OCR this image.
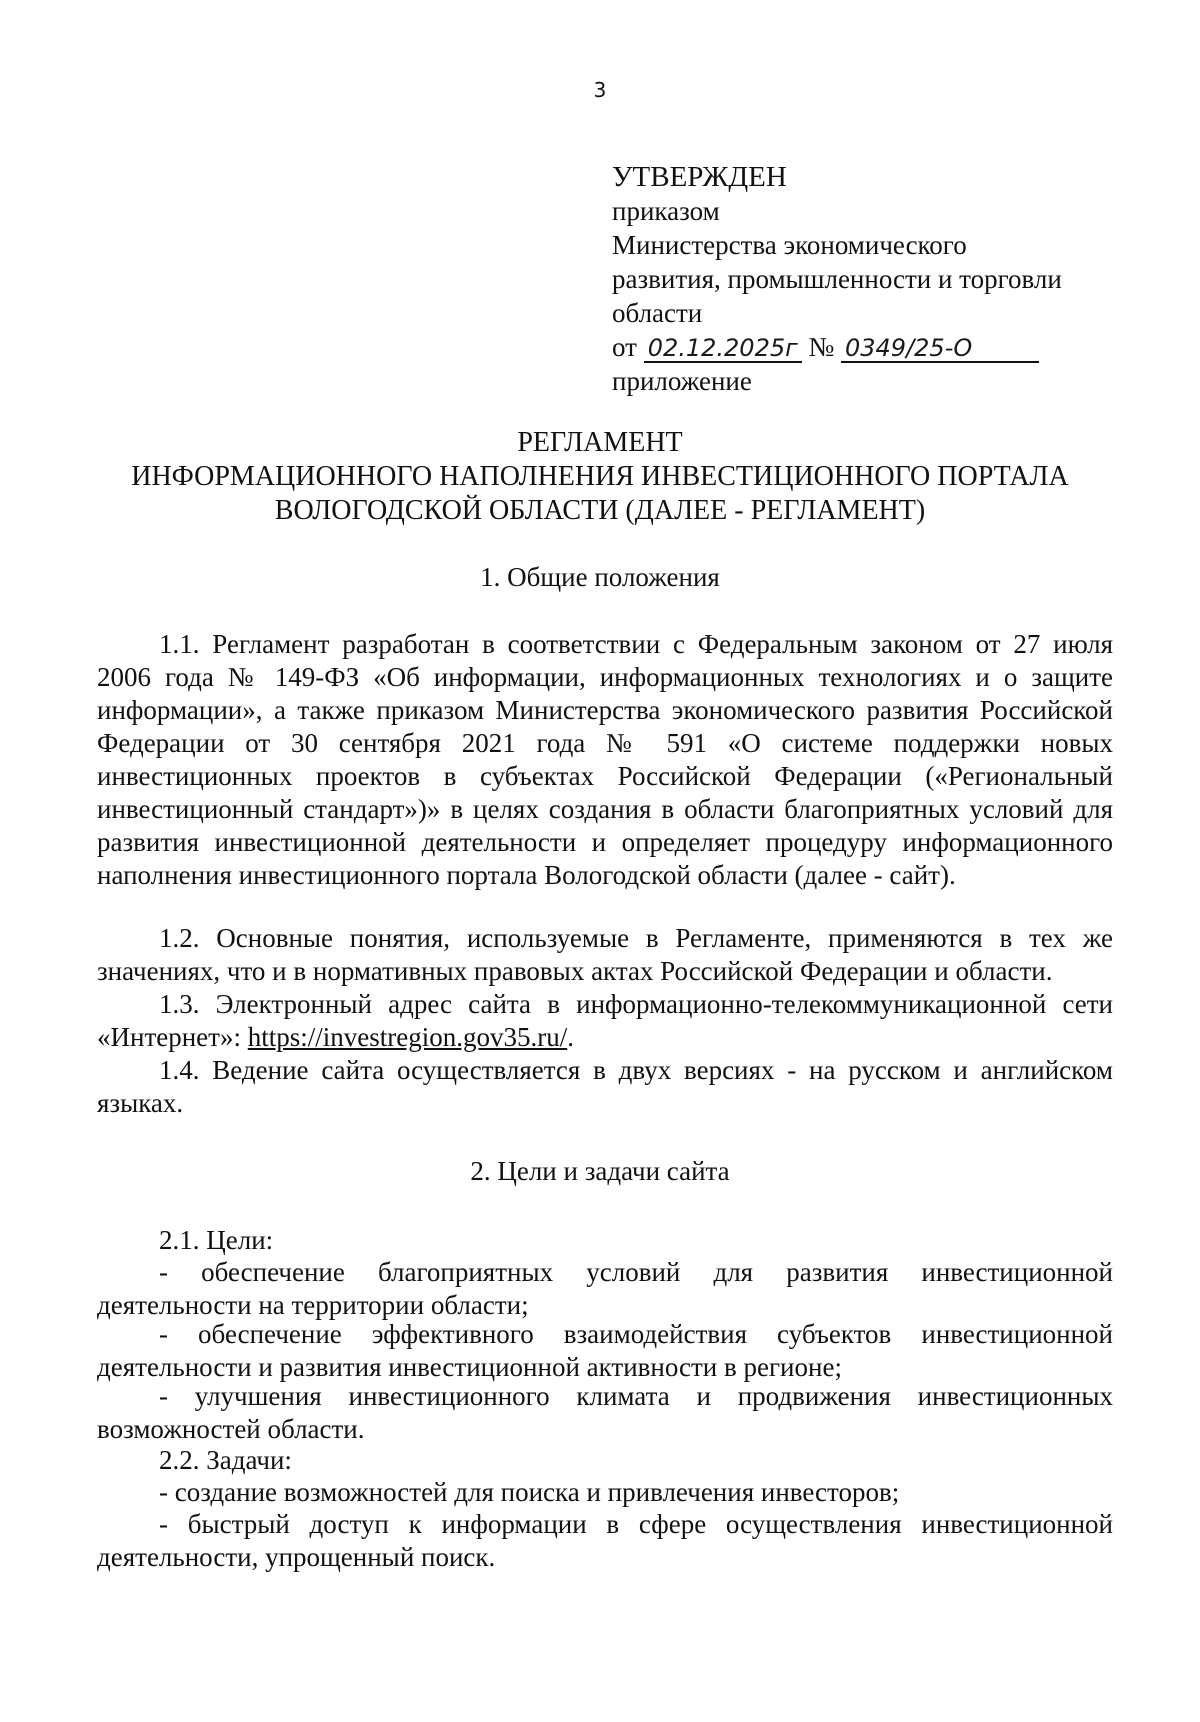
3
УТВЕРЖДЕН
приказом
Министерства экономического
развития, промышленности и торговли
области
от 02.12.2025г № 0349/25-О
приложение
РЕГЛАМЕНТ
ИНФОРМАЦИОННОГО НАПОЛНЕНИЯ ИНВЕСТИЦИОННОГО ПОРТАЛА
ВОЛОГОДСКОЙ ОБЛАСТИ (ДАЛЕЕ - РЕГЛАМЕНТ)
1. Общие положения
1.1. Регламент разработан в соответствии с Федеральным законом от 27 июля 2006 года № 149-ФЗ «Об информации, информационных технологиях и о защите информации», а также приказом Министерства экономического развития Российской Федерации от 30 сентября 2021 года № 591 «О системе поддержки новых инвестиционных проектов в субъектах Российской Федерации («Региональный инвестиционный стандарт»)» в целях создания в области благоприятных условий для развития инвестиционной деятельности и определяет процедуру информационного наполнения инвестиционного портала Вологодской области (далее - сайт).
1.2. Основные понятия, используемые в Регламенте, применяются в тех же значениях, что и в нормативных правовых актах Российской Федерации и области.
1.3. Электронный адрес сайта в информационно-телекоммуникационной сети «Интернет»: https://investregion.gov35.ru/.
1.4. Ведение сайта осуществляется в двух версиях - на русском и английском языках.
2. Цели и задачи сайта
2.1. Цели:
- обеспечение благоприятных условий для развития инвестиционной деятельности на территории области;
- обеспечение эффективного взаимодействия субъектов инвестиционной деятельности и развития инвестиционной активности в регионе;
- улучшения инвестиционного климата и продвижения инвестиционных возможностей области.
2.2. Задачи:
- создание возможностей для поиска и привлечения инвесторов;
- быстрый доступ к информации в сфере осуществления инвестиционной деятельности, упрощенный поиск.
